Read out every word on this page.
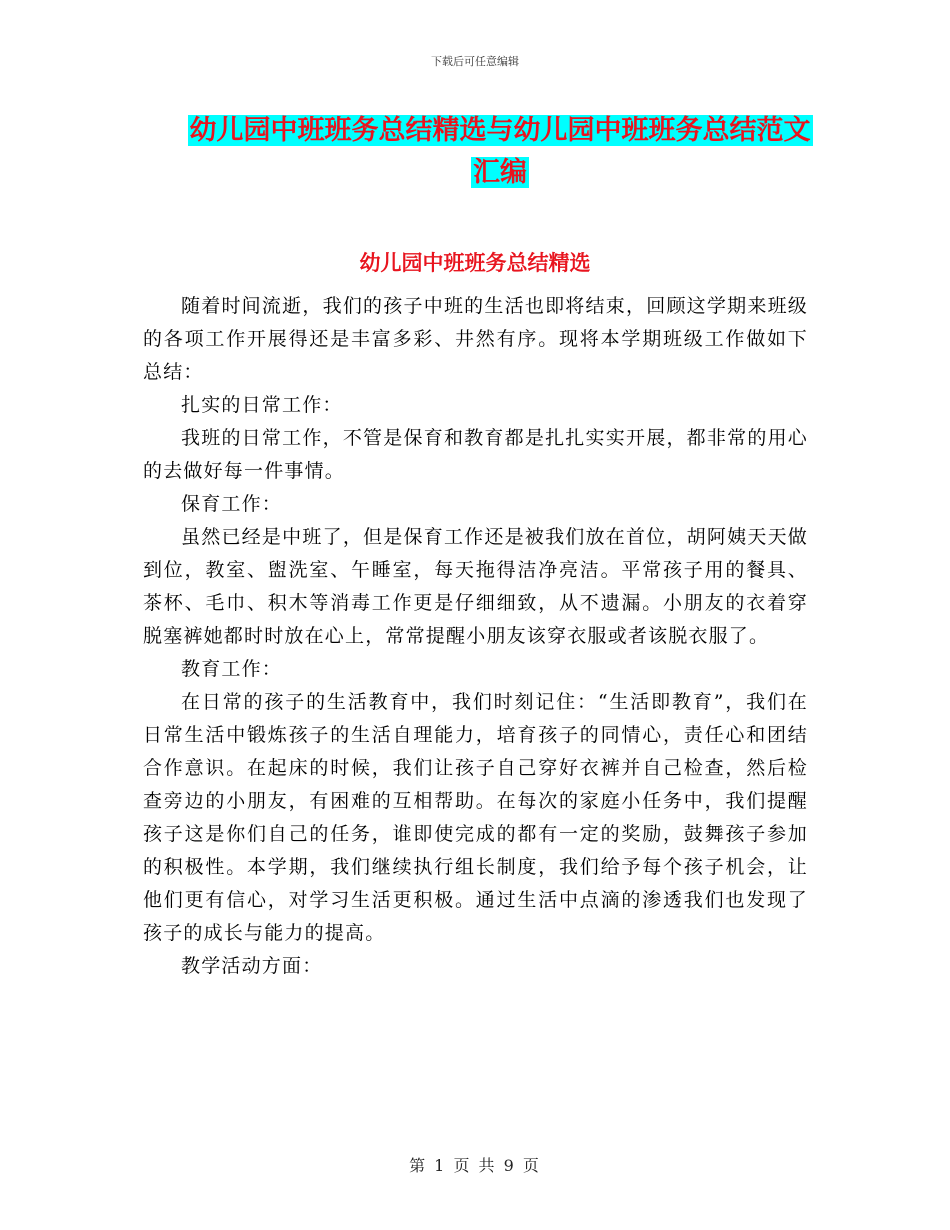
下载后可任意编辑
幼儿园中班班务总结精选与幼儿园中班班务总结范文
汇编
幼儿园中班班务总结精选

随着时间流逝，我们的孩子中班的生活也即将结束，回顾这学期来班级的各项工作开展得还是丰富多彩、井然有序。现将本学期班级工作做如下总结：

扎实的日常工作：

我班的日常工作，不管是保育和教育都是扎扎实实开展，都非常的用心的去做好每一件事情。

保育工作：

虽然已经是中班了，但是保育工作还是被我们放在首位，胡阿姨天天做到位，教室、盥洗室、午睡室，每天拖得洁净亮洁。平常孩子用的餐具、茶杯、毛巾、积木等消毒工作更是仔细细致，从不遗漏。小朋友的衣着穿脱塞裤她都时时放在心上，常常提醒小朋友该穿衣服或者该脱衣服了。

教育工作：

在日常的孩子的生活教育中，我们时刻记住：“生活即教育”，我们在日常生活中锻炼孩子的生活自理能力，培育孩子的同情心，责任心和团结合作意识。在起床的时候，我们让孩子自己穿好衣裤并自己检查，然后检查旁边的小朋友，有困难的互相帮助。在每次的家庭小任务中，我们提醒孩子这是你们自己的任务，谁即使完成的都有一定的奖励，鼓舞孩子参加的积极性。本学期，我们继续执行组长制度，我们给予每个孩子机会，让他们更有信心，对学习生活更积极。通过生活中点滴的渗透我们也发现了孩子的成长与能力的提高。

教学活动方面：

第 1 页 共 9 页
